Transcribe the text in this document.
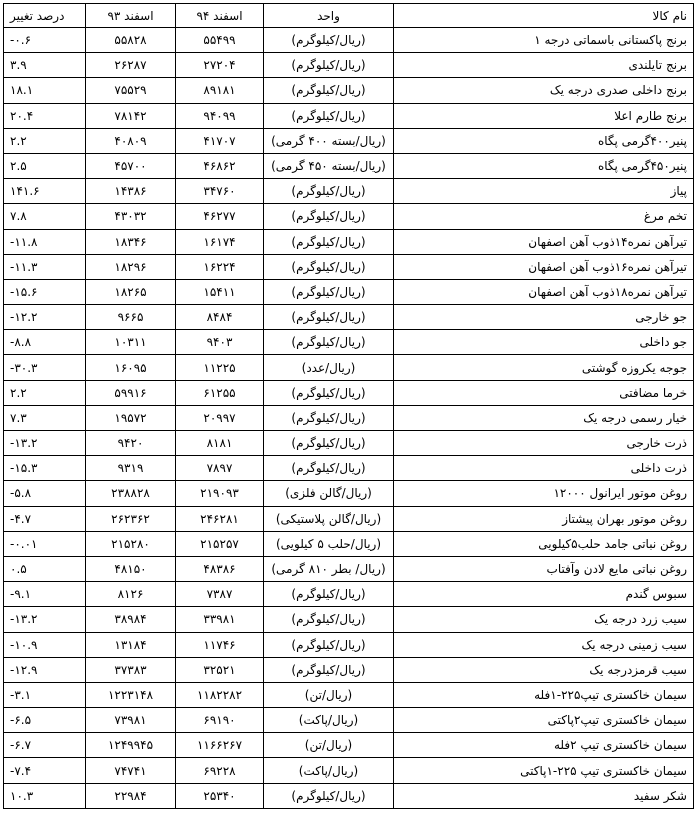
نام کالا	واحد	اسفند ۹۴	اسفند ۹۳	درصد تغییر
برنج پاکستانی باسماتی درجه ۱	(ریال/کیلوگرم)	۵۵۴۹۹	۵۵۸۲۸	-۰.۶
برنج تایلندی	(ریال/کیلوگرم)	۲۷۲۰۴	۲۶۲۸۷	۳.۹
برنج داخلی صدری درجه یک	(ریال/کیلوگرم)	۸۹۱۸۱	۷۵۵۲۹	۱۸.۱
برنج طارم اعلا	(ریال/کیلوگرم)	۹۴۰۹۹	۷۸۱۴۲	۲۰.۴
پنیر۴۰۰گرمی پگاه	(ریال/بسته ۴۰۰ گرمی)	۴۱۷۰۷	۴۰۸۰۹	۲.۲
پنیر۴۵۰گرمی پگاه	(ریال/بسته ۴۵۰ گرمی)	۴۶۸۶۲	۴۵۷۰۰	۲.۵
پیاز	(ریال/کیلوگرم)	۳۴۷۶۰	۱۴۳۸۶	۱۴۱.۶
تخم مرغ	(ریال/کیلوگرم)	۴۶۲۷۷	۴۳۰۳۲	۷.۸
تیرآهن نمره۱۴ذوب آهن اصفهان	(ریال/کیلوگرم)	۱۶۱۷۴	۱۸۳۴۶	-۱۱.۸
تیرآهن نمره۱۶ذوب آهن اصفهان	(ریال/کیلوگرم)	۱۶۲۲۴	۱۸۲۹۶	-۱۱.۳
تیرآهن نمره۱۸ذوب آهن اصفهان	(ریال/کیلوگرم)	۱۵۴۱۱	۱۸۲۶۵	-۱۵.۶
جو خارجی	(ریال/کیلوگرم)	۸۴۸۴	۹۶۶۵	-۱۲.۲
جو داخلی	(ریال/کیلوگرم)	۹۴۰۳	۱۰۳۱۱	-۸.۸
جوجه یکروزه گوشتی	(ریال/عدد)	۱۱۲۲۵	۱۶۰۹۵	-۳۰.۳
خرما مضافتی	(ریال/کیلوگرم)	۶۱۲۵۵	۵۹۹۱۶	۲.۲
خیار رسمی درجه یک	(ریال/کیلوگرم)	۲۰۹۹۷	۱۹۵۷۲	۷.۳
ذرت خارجی	(ریال/کیلوگرم)	۸۱۸۱	۹۴۲۰	-۱۳.۲
ذرت داخلی	(ریال/کیلوگرم)	۷۸۹۷	۹۳۱۹	-۱۵.۳
روغن موتور ایرانول ۱۲۰۰۰	(ریال/گالن فلزی)	۲۱۹۰۹۳	۲۳۸۸۲۸	-۵.۸
روغن موتور بهران پیشتاز	(ریال/گالن پلاستیکی)	۲۴۶۲۸۱	۲۶۲۳۶۲	-۴.۷
روغن نباتی جامد حلب۵کیلویی	(ریال/حلب ۵ کیلویی)	۲۱۵۲۵۷	۲۱۵۲۸۰	-۰.۰۱
روغن نباتی مایع لادن وآفتاب	(ریال/ بطر ۸۱۰ گرمی)	۴۸۳۸۶	۴۸۱۵۰	۰.۵
سبوس گندم	(ریال/کیلوگرم)	۷۳۸۷	۸۱۲۶	-۹.۱
سیب زرد درجه یک	(ریال/کیلوگرم)	۳۳۹۸۱	۳۸۹۸۴	-۱۳.۲
سیب زمینی درجه یک	(ریال/کیلوگرم)	۱۱۷۴۶	۱۳۱۸۴	-۱۰.۹
سیب قرمزدرجه یک	(ریال/کیلوگرم)	۳۲۵۲۱	۳۷۳۸۳	-۱۲.۹
سیمان خاکستری تیپ۲۲۵-۱فله	(ریال/تن)	۱۱۸۲۲۸۲	۱۲۲۳۱۴۸	-۳.۱
سیمان خاکستری تیپ۲پاکتی	(ریال/پاکت)	۶۹۱۹۰	۷۳۹۸۱	-۶.۵
سیمان خاکستری تیپ ۲فله	(ریال/تن)	۱۱۶۶۲۶۷	۱۲۴۹۹۴۵	-۶.۷
سیمان خاکستری تیپ ۲۲۵-۱پاکتی	(ریال/پاکت)	۶۹۲۲۸	۷۴۷۴۱	-۷.۴
شکر سفید	(ریال/کیلوگرم)	۲۵۳۴۰	۲۲۹۸۴	۱۰.۳
